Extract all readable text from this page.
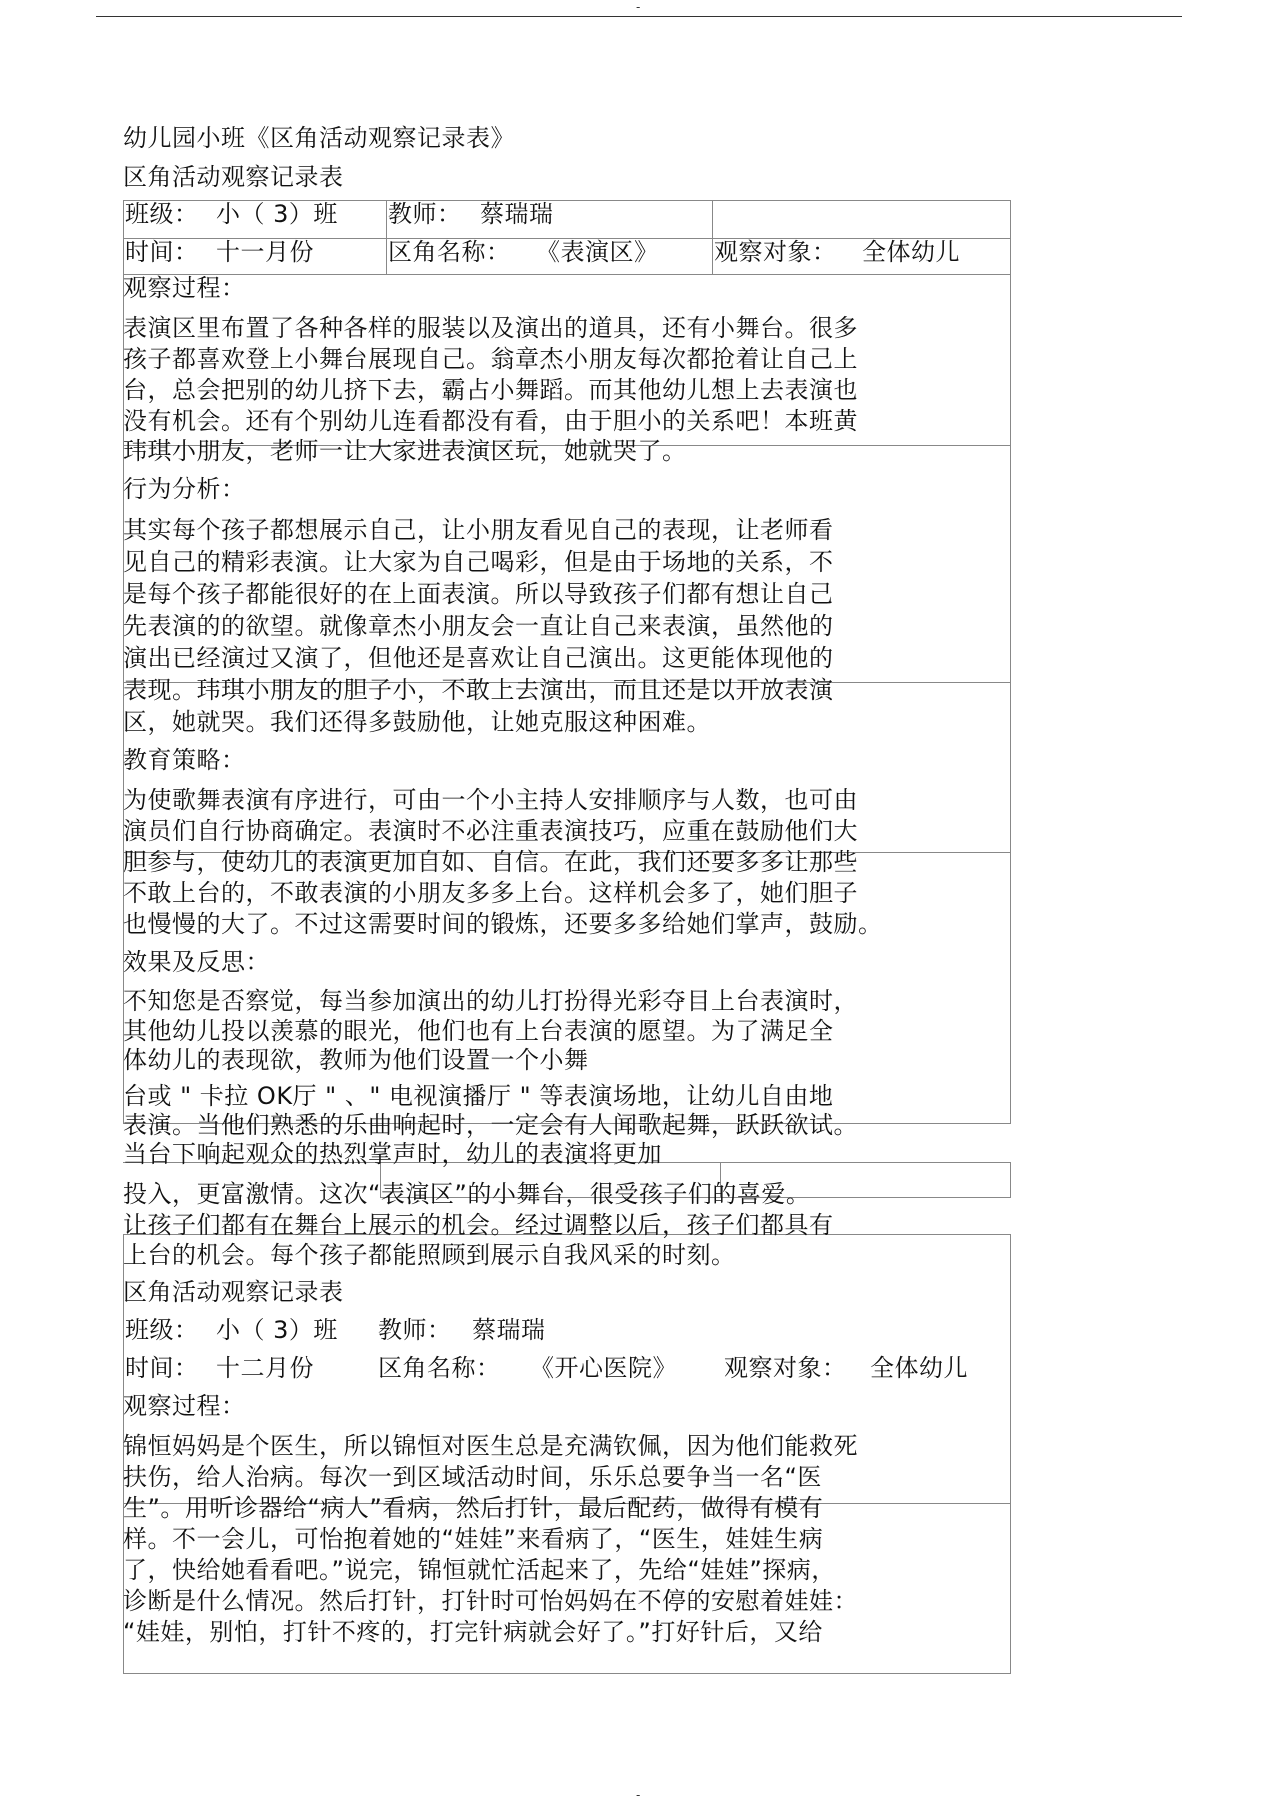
-
幼儿园小班《区角活动观察记录表》
区角活动观察记录表
班级： 小（ 3）班 教师： 蔡瑞瑞
时间： 十一月份	区角名称： 《表演区》 观察对象： 全体幼儿
观察过程：
表演区里布置了各种各样的服装以及演出的道具，还有小舞台。很多
孩子都喜欢登上小舞台展现自己。翁章杰小朋友每次都抢着让自己上
台，总会把别的幼儿挤下去，霸占小舞蹈。而其他幼儿想上去表演也
没有机会。还有个别幼儿连看都没有看，由于胆小的关系吧！本班黄
玮琪小朋友，老师一让大家进表演区玩，她就哭了。
行为分析：
其实每个孩子都想展示自己，让小朋友看见自己的表现，让老师看
见自己的精彩表演。让大家为自己喝彩，但是由于场地的关系，不
是每个孩子都能很好的在上面表演。所以导致孩子们都有想让自己
先表演的的欲望。就像章杰小朋友会一直让自己来表演，虽然他的
演出已经演过又演了，但他还是喜欢让自己演出。这更能体现他的
表现。玮琪小朋友的胆子小，不敢上去演出，而且还是以开放表演
区，她就哭。我们还得多鼓励他，让她克服这种困难。
教育策略：
为使歌舞表演有序进行，可由一个小主持人安排顺序与人数，也可由
演员们自行协商确定。表演时不必注重表演技巧，应重在鼓励他们大
胆参与，使幼儿的表演更加自如、自信。在此，我们还要多多让那些
不敢上台的，不敢表演的小朋友多多上台。这样机会多了，她们胆子
也慢慢的大了。不过这需要时间的锻炼，还要多多给她们掌声，鼓励。
效果及反思：
不知您是否察觉，每当参加演出的幼儿打扮得光彩夺目上台表演时，
其他幼儿投以羡慕的眼光，他们也有上台表演的愿望。为了满足全
体幼儿的表现欲，教师为他们设置一个小舞
台或 " 卡拉 OK厅 " 、" 电视演播厅 " 等表演场地，让幼儿自由地
表演。当他们熟悉的乐曲响起时，一定会有人闻歌起舞，跃跃欲试。
当台下响起观众的热烈掌声时，幼儿的表演将更加
投入，更富激情。这次“表演区”的小舞台，很受孩子们的喜爱。
让孩子们都有在舞台上展示的机会。经过调整以后，孩子们都具有
上台的机会。每个孩子都能照顾到展示自我风采的时刻。
区角活动观察记录表
班级： 小（ 3）班 教师： 蔡瑞瑞
时间： 十二月份	区角名称： 《开心医院》 观察对象： 全体幼儿
观察过程：
锦恒妈妈是个医生，所以锦恒对医生总是充满钦佩，因为他们能救死
扶伤，给人治病。每次一到区域活动时间，乐乐总要争当一名“医
生”。用听诊器给“病人”看病，然后打针，最后配药，做得有模有
样。不一会儿，可怡抱着她的“娃娃”来看病了，“医生，娃娃生病
了，快给她看看吧。”说完，锦恒就忙活起来了，先给“娃娃”探病，
诊断是什么情况。然后打针，打针时可怡妈妈在不停的安慰着娃娃：
“娃娃，别怕，打针不疼的，打完针病就会好了。”打好针后，又给
-
